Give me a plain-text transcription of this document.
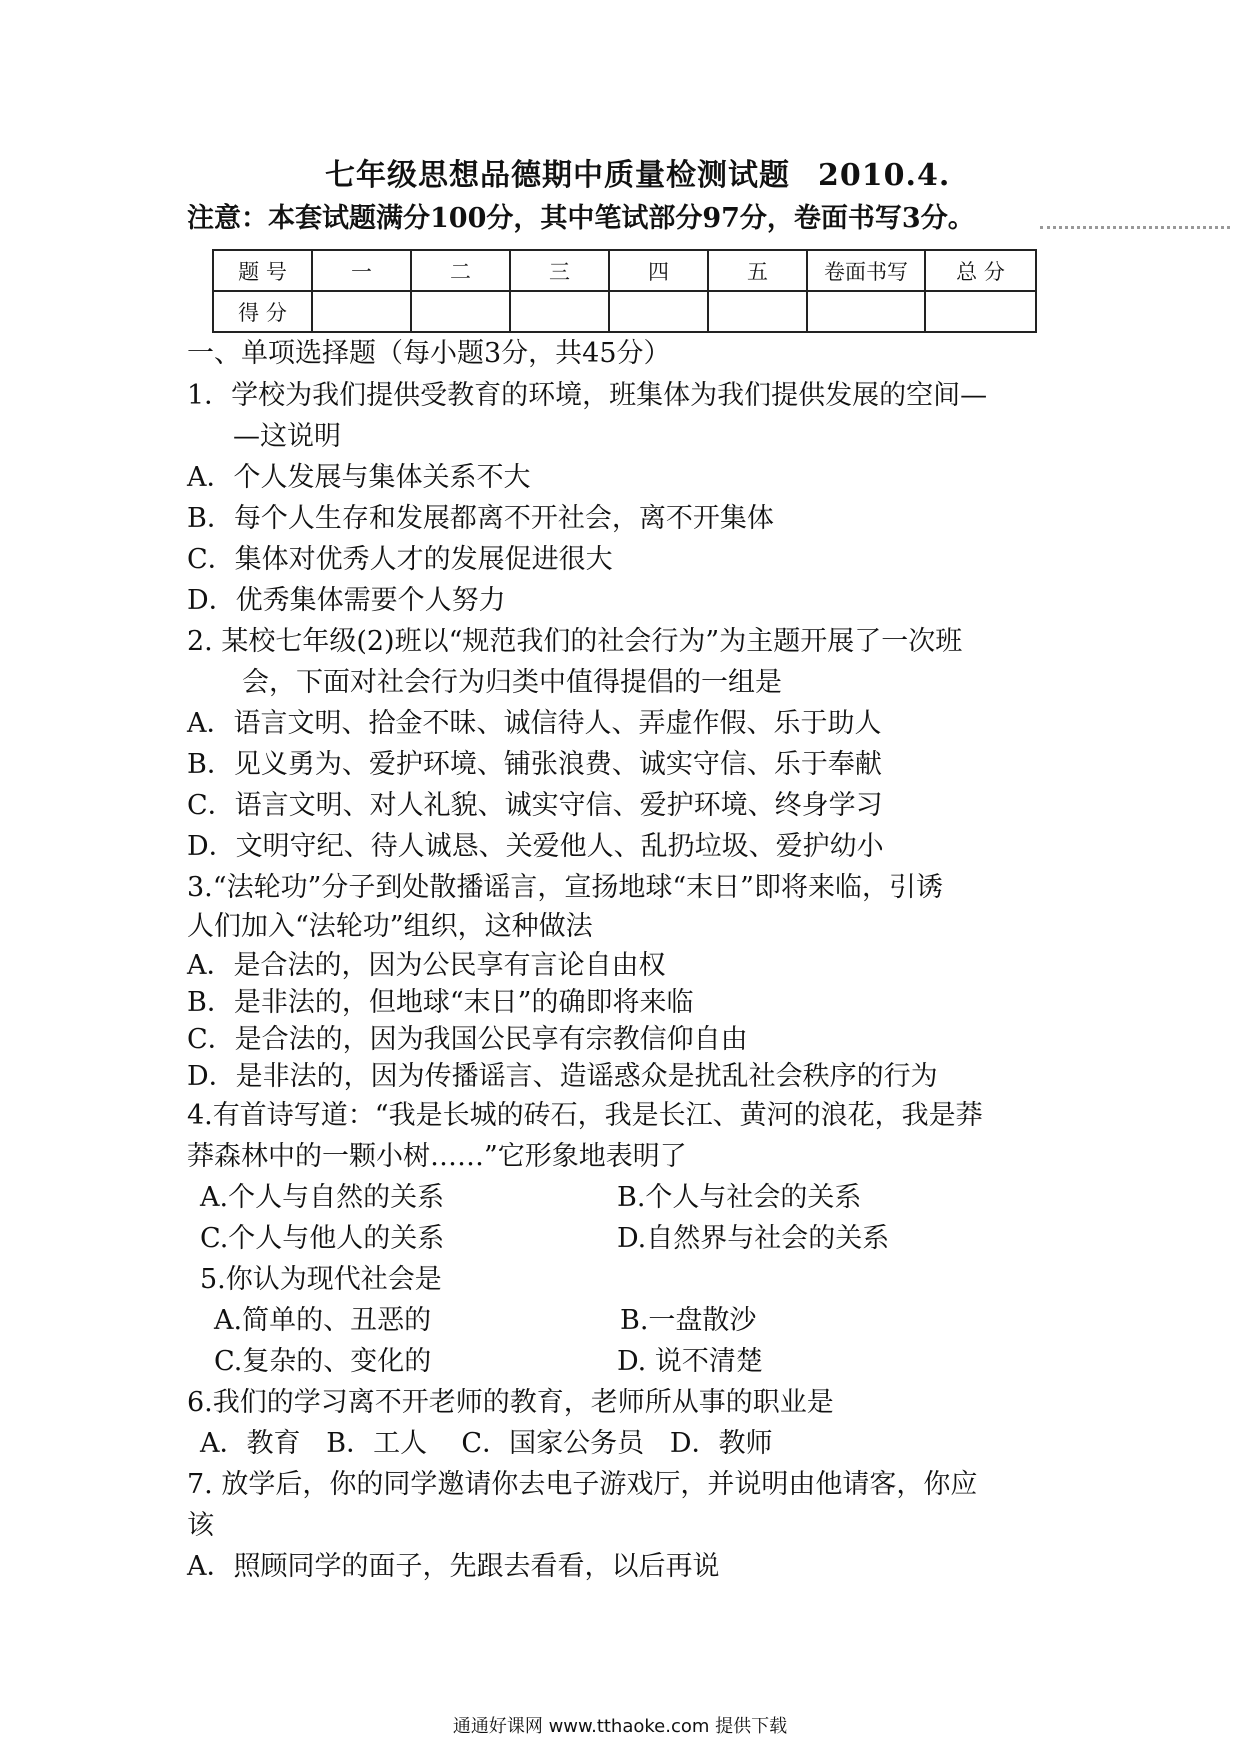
七年级思想品德期中质量检测试题 2010.4.
注意：本套试题满分100分，其中笔试部分97分，卷面书写3分。
题 号	一	二	三	四	五	卷面书写	总 分
得 分							
一、单项选择题（每小题3分，共45分）
1．学校为我们提供受教育的环境，班集体为我们提供发展的空间—
—这说明
A．个人发展与集体关系不大
B．每个人生存和发展都离不开社会，离不开集体
C．集体对优秀人才的发展促进很大
D．优秀集体需要个人努力
2. 某校七年级(2)班以“规范我们的社会行为”为主题开展了一次班
会，下面对社会行为归类中值得提倡的一组是
A．语言文明、拾金不昧、诚信待人、弄虚作假、乐于助人
B．见义勇为、爱护环境、铺张浪费、诚实守信、乐于奉献
C．语言文明、对人礼貌、诚实守信、爱护环境、终身学习
D．文明守纪、待人诚恳、关爱他人、乱扔垃圾、爱护幼小
3.“法轮功”分子到处散播谣言，宣扬地球“末日”即将来临，引诱
人们加入“法轮功”组织，这种做法
A．是合法的，因为公民享有言论自由权
B．是非法的，但地球“末日”的确即将来临
C．是合法的，因为我国公民享有宗教信仰自由
D．是非法的，因为传播谣言、造谣惑众是扰乱社会秩序的行为
4.有首诗写道：“我是长城的砖石，我是长江、黄河的浪花，我是莽
莽森林中的一颗小树……”它形象地表明了
A.个人与自然的关系	B.个人与社会的关系
C.个人与他人的关系	D.自然界与社会的关系
5.你认为现代社会是
A.简单的、丑恶的	B.一盘散沙
C.复杂的、变化的	D. 说不清楚
6.我们的学习离不开老师的教育，老师所从事的职业是
A．教育   B．工人    C．国家公务员   D．教师
7. 放学后，你的同学邀请你去电子游戏厅，并说明由他请客，你应
该
A．照顾同学的面子，先跟去看看，以后再说
通通好课网 www.tthaoke.com 提供下载
